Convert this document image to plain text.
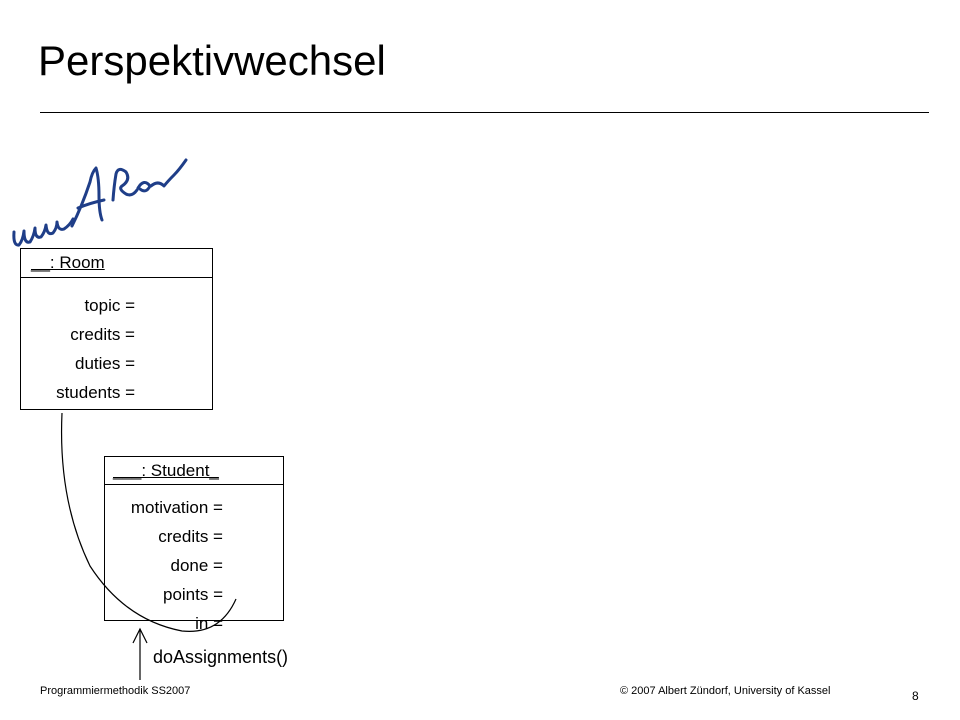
Perspektivwechsel
__: Room
topic =
credits =
duties =
students =
___: Student_
motivation =
credits =
done =
points =
in =
doAssignments()
Programmiermethodik SS2007	© 2007 Albert Zündorf, University of Kassel	8
